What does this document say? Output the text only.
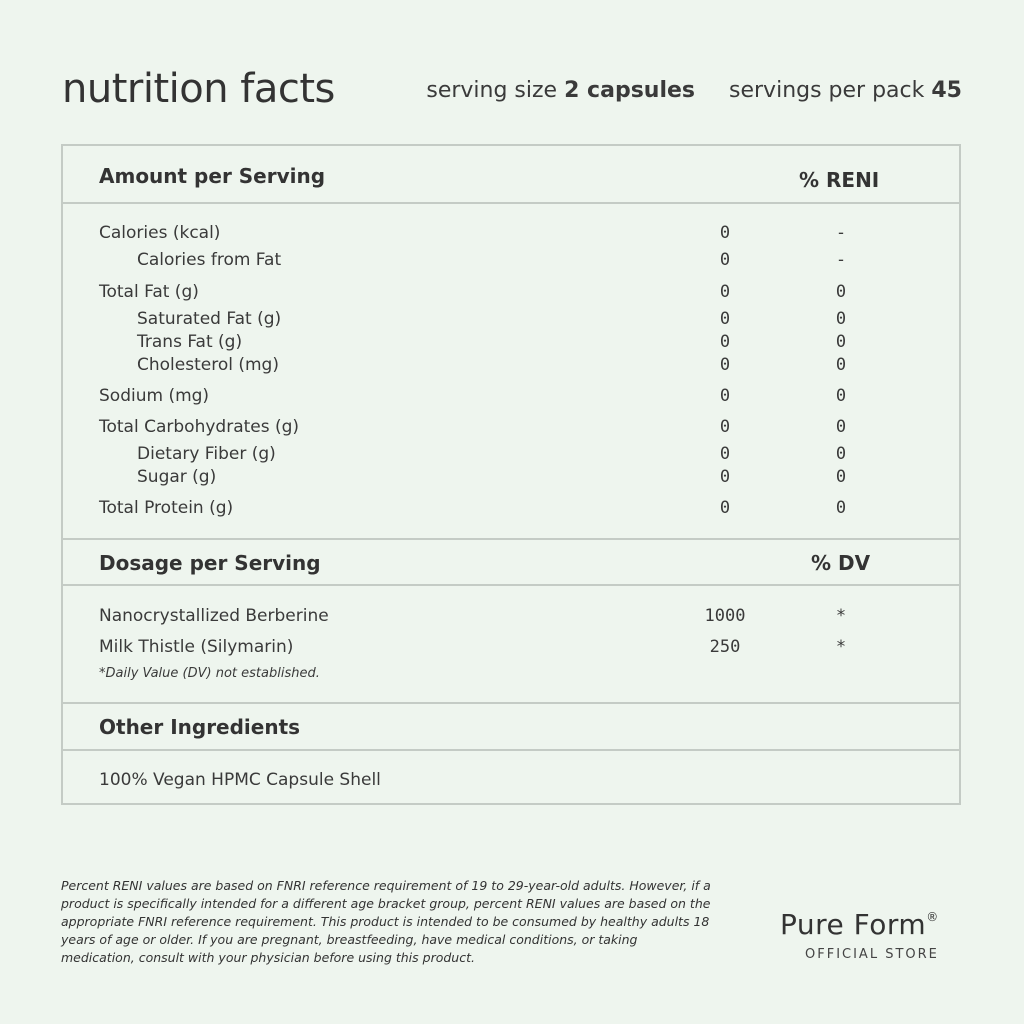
nutrition facts	serving size 2 capsules servings per pack 45
Amount per Serving	% RENI
Calories (kcal)	0	-
Calories from Fat	0	-
Total Fat (g)	0	0
Saturated Fat (g)	0	0
Trans Fat (g)	0	0
Cholesterol (mg)	0	0
Sodium (mg)	0	0
Total Carbohydrates (g)	0	0
Dietary Fiber (g)	0	0
Sugar (g)	0	0
Total Protein (g)	0	0
Dosage per Serving	% DV
Nanocrystallized Berberine	1000	*
Milk Thistle (Silymarin)	250	*
*Daily Value (DV) not established.
Other Ingredients
100% Vegan HPMC Capsule Shell
Percent RENI values are based on FNRI reference requirement of 19 to 29-year-old adults. However, if a product is specifically intended for a different age bracket group, percent RENI values are based on the appropriate FNRI reference requirement. This product is intended to be consumed by healthy adults 18 years of age or older. If you are pregnant, breastfeeding, have medical conditions, or taking medication, consult with your physician before using this product.
Pure Form®
OFFICIAL STORE
